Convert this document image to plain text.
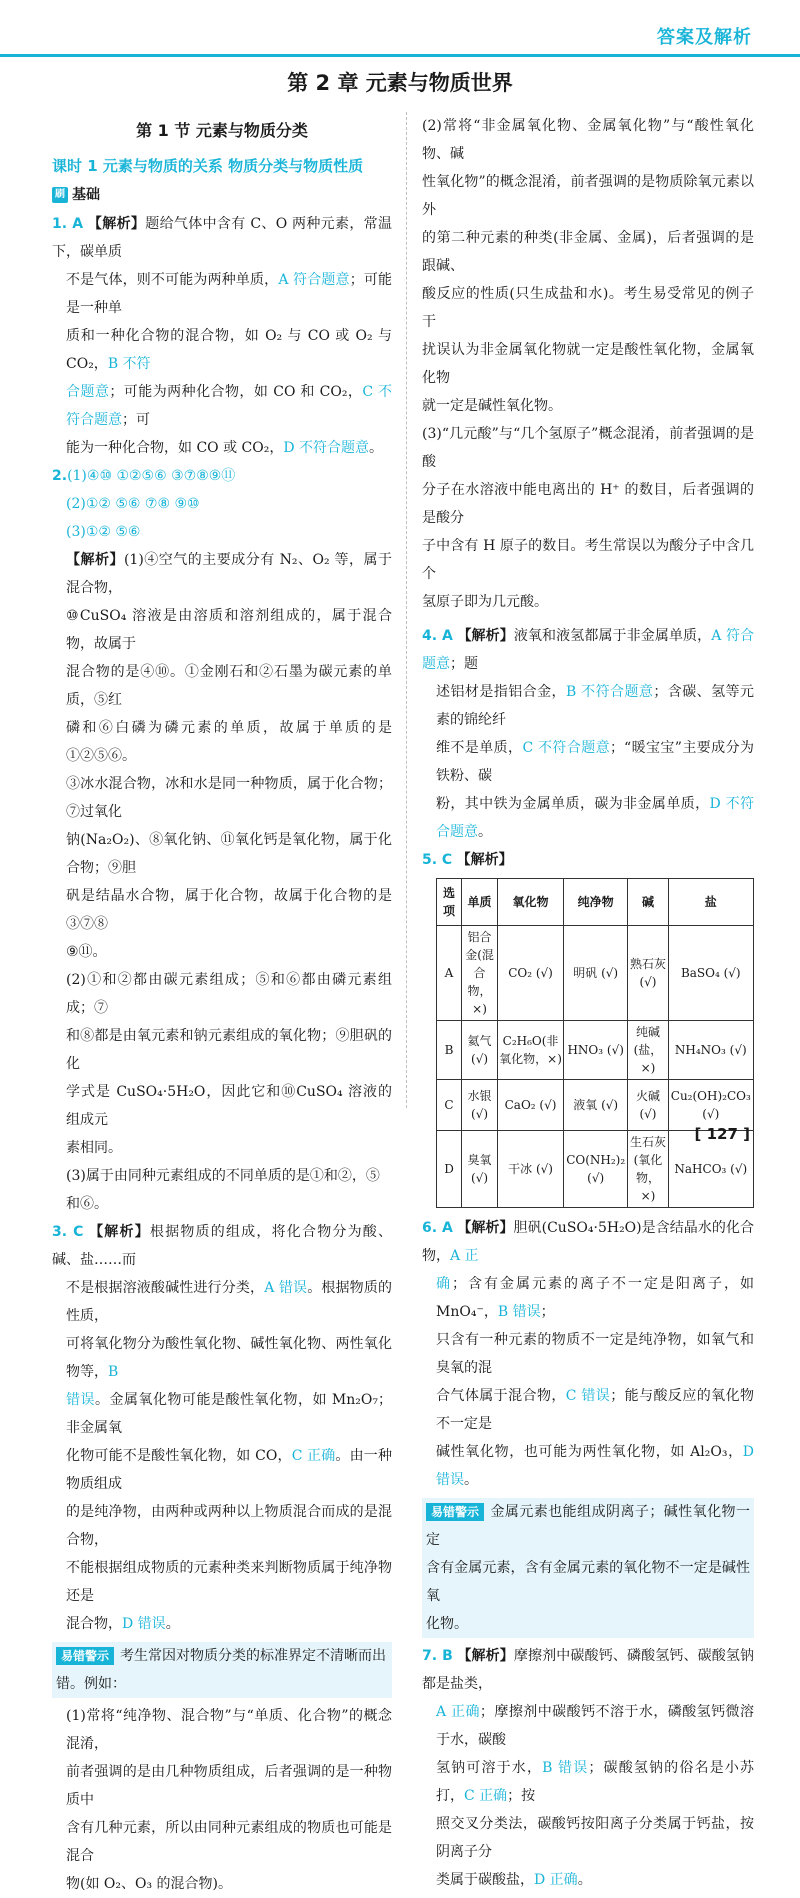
答案及解析
第 2 章 元素与物质世界
第 1 节 元素与物质分类
课时 1 元素与物质的关系 物质分类与物质性质
刷 基础

1. A 【解析】题给气体中含有 C、O 两种元素，常温下，碳单质

不是气体，则不可能为两种单质，A 符合题意；可能是一种单

质和一种化合物的混合物，如 O₂ 与 CO 或 O₂ 与 CO₂，B 不符

合题意；可能为两种化合物，如 CO 和 CO₂，C 不符合题意；可

能为一种化合物，如 CO 或 CO₂，D 不符合题意。

2.(1)④⑩ ①②⑤⑥ ③⑦⑧⑨⑪

(2)①② ⑤⑥ ⑦⑧ ⑨⑩

(3)①② ⑤⑥

【解析】(1)④空气的主要成分有 N₂、O₂ 等，属于混合物，

⑩CuSO₄ 溶液是由溶质和溶剂组成的，属于混合物，故属于

混合物的是④⑩。①金刚石和②石墨为碳元素的单质，⑤红

磷和⑥白磷为磷元素的单质，故属于单质的是①②⑤⑥。

③冰水混合物，冰和水是同一种物质，属于化合物；⑦过氧化

钠(Na₂O₂)、⑧氧化钠、⑪氧化钙是氧化物，属于化合物；⑨胆

矾是结晶水合物，属于化合物，故属于化合物的是③⑦⑧

⑨⑪。

(2)①和②都由碳元素组成；⑤和⑥都由磷元素组成；⑦

和⑧都是由氧元素和钠元素组成的氧化物；⑨胆矾的化

学式是 CuSO₄·5H₂O，因此它和⑩CuSO₄ 溶液的组成元

素相同。

(3)属于由同种元素组成的不同单质的是①和②，⑤

和⑥。

3. C 【解析】根据物质的组成，将化合物分为酸、碱、盐……而

不是根据溶液酸碱性进行分类，A 错误。根据物质的性质，

可将氧化物分为酸性氧化物、碱性氧化物、两性氧化物等，B

错误。金属氧化物可能是酸性氧化物，如 Mn₂O₇；非金属氧

化物可能不是酸性氧化物，如 CO，C 正确。由一种物质组成

的是纯净物，由两种或两种以上物质混合而成的是混合物，

不能根据组成物质的元素种类来判断物质属于纯净物还是

混合物，D 错误。

易错警示 考生常因对物质分类的标准界定不清晰而出

错。例如：

(1)常将“纯净物、混合物”与“单质、化合物”的概念混淆，

前者强调的是由几种物质组成，后者强调的是一种物质中

含有几种元素，所以由同种元素组成的物质也可能是混合

物(如 O₂、O₃ 的混合物)。

(2)常将“非金属氧化物、金属氧化物”与“酸性氧化物、碱

性氧化物”的概念混淆，前者强调的是物质除氧元素以外

的第二种元素的种类(非金属、金属)，后者强调的是跟碱、

酸反应的性质(只生成盐和水)。考生易受常见的例子干

扰误认为非金属氧化物就一定是酸性氧化物，金属氧化物

就一定是碱性氧化物。

(3)“几元酸”与“几个氢原子”概念混淆，前者强调的是酸

分子在水溶液中能电离出的 H⁺ 的数目，后者强调的是酸分

子中含有 H 原子的数目。考生常误以为酸分子中含几个

氢原子即为几元酸。

4. A 【解析】液氧和液氢都属于非金属单质，A 符合题意；题

述铝材是指铝合金，B 不符合题意；含碳、氢等元素的锦纶纤

维不是单质，C 不符合题意；“暖宝宝”主要成分为铁粉、碳

粉，其中铁为金属单质，碳为非金属单质，D 不符合题意。

5. C 【解析】

选项	单质	氧化物	纯净物	碱	盐
A	铝合金(混合物，×)	CO₂ (√)	明矾 (√)	熟石灰 (√)	BaSO₄ (√)
B	氦气 (√)	C₂H₆O(非氧化物，×)	HNO₃ (√)	纯碱(盐，×)	NH₄NO₃ (√)
C	水银 (√)	CaO₂ (√)	液氧 (√)	火碱 (√)	Cu₂(OH)₂CO₃ (√)
D	臭氧 (√)	干冰 (√)	CO(NH₂)₂ (√)	生石灰(氧化物，×)	NaHCO₃ (√)

6. A 【解析】胆矾(CuSO₄·5H₂O)是含结晶水的化合物，A 正

确；含有金属元素的离子不一定是阳离子，如 MnO₄⁻，B 错误；

只含有一种元素的物质不一定是纯净物，如氧气和臭氧的混

合气体属于混合物，C 错误；能与酸反应的氧化物不一定是

碱性氧化物，也可能为两性氧化物，如 Al₂O₃，D 错误。

易错警示 金属元素也能组成阴离子；碱性氧化物一定

含有金属元素，含有金属元素的氧化物不一定是碱性氧

化物。

7. B 【解析】摩擦剂中碳酸钙、磷酸氢钙、碳酸氢钠都是盐类，

A 正确；摩擦剂中碳酸钙不溶于水，磷酸氢钙微溶于水，碳酸

氢钠可溶于水，B 错误；碳酸氢钠的俗名是小苏打，C 正确；按

照交叉分类法，碳酸钙按阳离子分类属于钙盐，按阴离子分

类属于碳酸盐，D 正确。

[ 127 ]
